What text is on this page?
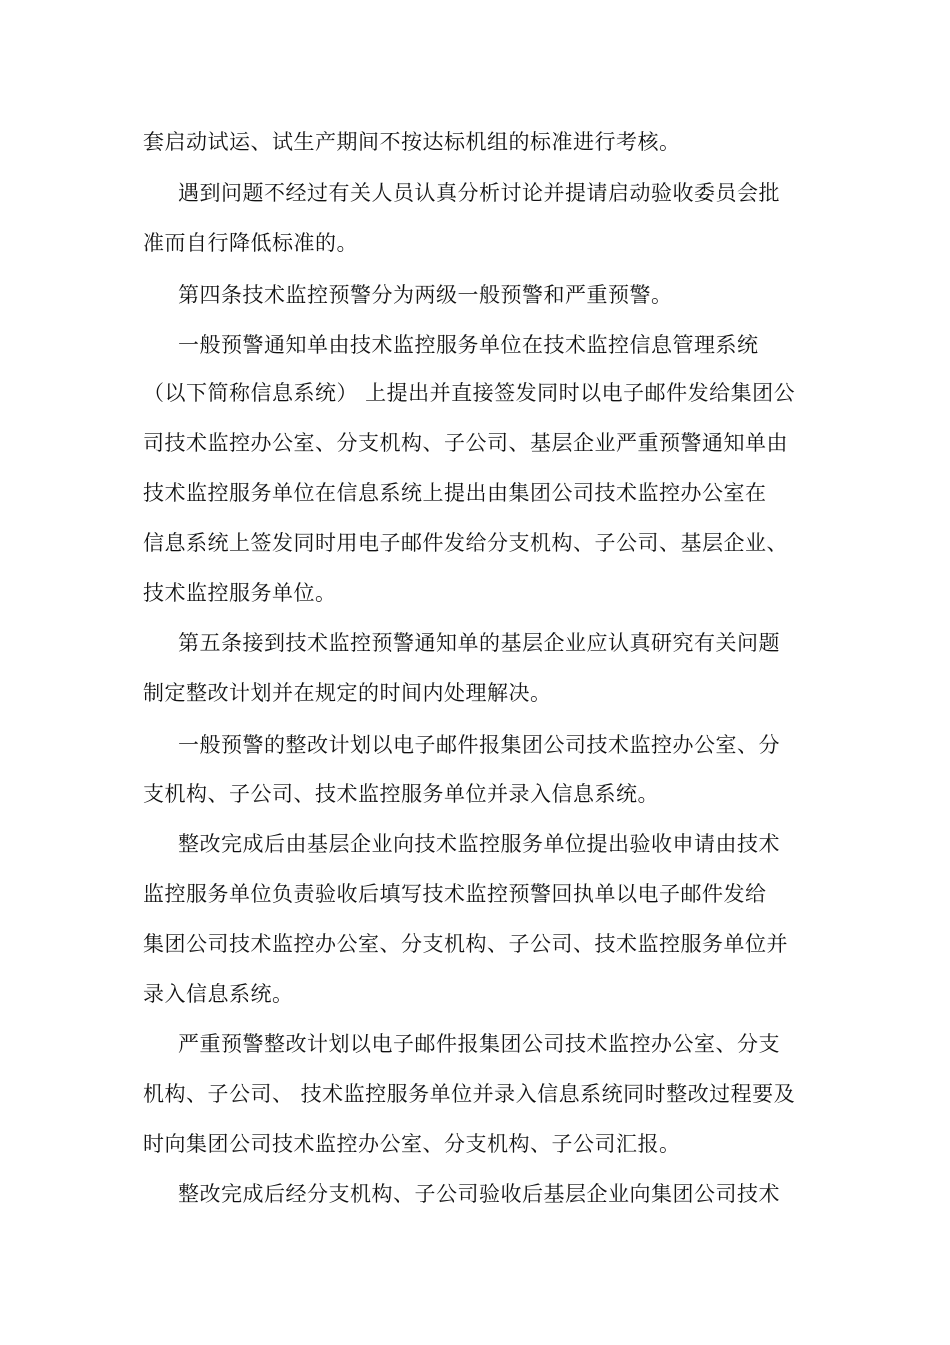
套启动试运、试生产期间不按达标机组的标准进行考核。
遇到问题不经过有关人员认真分析讨论并提请启动验收委员会批
准而自行降低标准的。
第四条技术监控预警分为两级一般预警和严重预警。
一般预警通知单由技术监控服务单位在技术监控信息管理系统
（以下简称信息系统） 上提出并直接签发同时以电子邮件发给集团公
司技术监控办公室、分支机构、子公司、基层企业严重预警通知单由
技术监控服务单位在信息系统上提出由集团公司技术监控办公室在
信息系统上签发同时用电子邮件发给分支机构、子公司、基层企业、
技术监控服务单位。
第五条接到技术监控预警通知单的基层企业应认真研究有关问题
制定整改计划并在规定的时间内处理解决。
一般预警的整改计划以电子邮件报集团公司技术监控办公室、分
支机构、子公司、技术监控服务单位并录入信息系统。
整改完成后由基层企业向技术监控服务单位提出验收申请由技术
监控服务单位负责验收后填写技术监控预警回执单以电子邮件发给
集团公司技术监控办公室、分支机构、子公司、技术监控服务单位并
录入信息系统。
严重预警整改计划以电子邮件报集团公司技术监控办公室、分支
机构、子公司、 技术监控服务单位并录入信息系统同时整改过程要及
时向集团公司技术监控办公室、分支机构、子公司汇报。
整改完成后经分支机构、子公司验收后基层企业向集团公司技术
